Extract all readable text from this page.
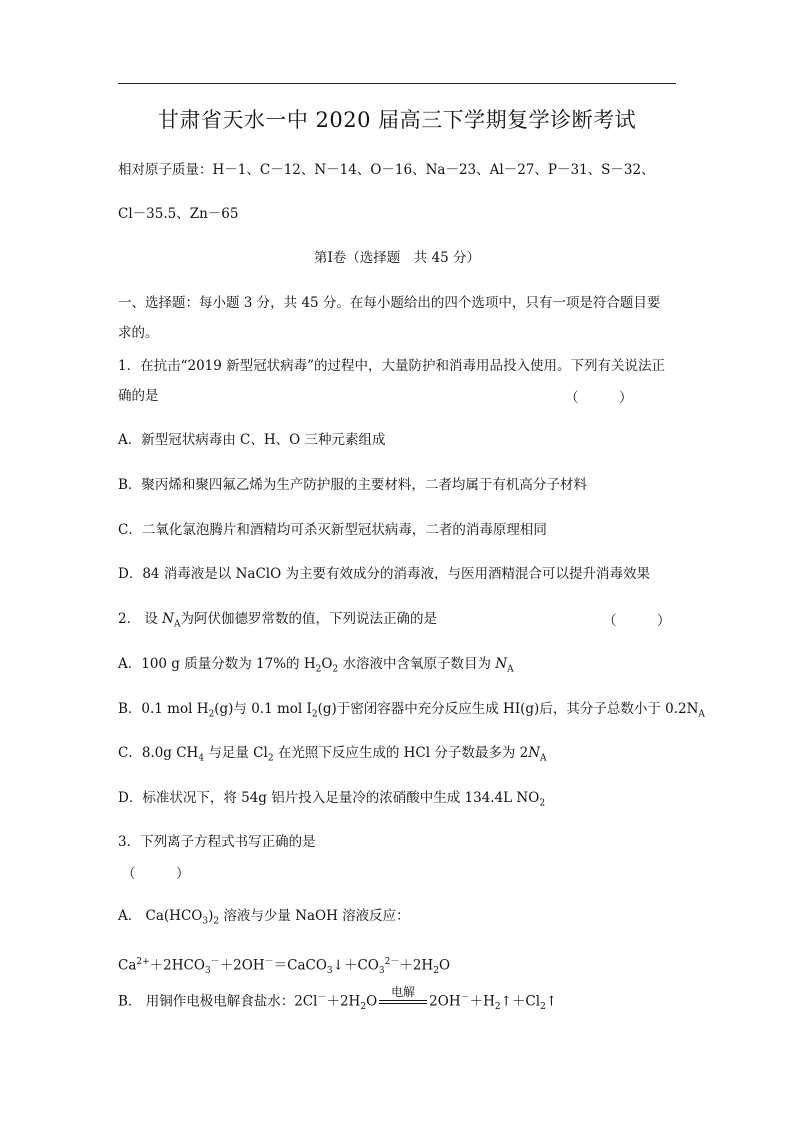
甘肃省天水一中 2020 届高三下学期复学诊断考试
相对原子质量：H－1、C－12、N－14、O－16、Na－23、Al－27、P－31、S－32、
Cl－35.5、Zn－65
第Ⅰ卷（选择题　共 45 分）
一、选择题：每小题 3 分，共 45 分。在每小题给出的四个选项中，只有一项是符合题目要
求的。
1．在抗击“2019 新型冠状病毒”的过程中，大量防护和消毒用品投入使用。下列有关说法正
确的是	（　　　）
A．新型冠状病毒由 C、H、O 三种元素组成
B．聚丙烯和聚四氟乙烯为生产防护服的主要材料，二者均属于有机高分子材料
C．二氧化氯泡腾片和酒精均可杀灭新型冠状病毒，二者的消毒原理相同
D．84 消毒液是以 NaClO 为主要有效成分的消毒液，与医用酒精混合可以提升消毒效果
2． 设 $N_A$为阿伏伽德罗常数的值，下列说法正确的是	（　　　）
A．100 g 质量分数为 17%的 $H_2O_2$ 水溶液中含氧原子数目为 $N_A$
B．0.1 mol $H_2(g)$与 0.1 mol $I_2(g)$于密闭容器中充分反应生成 HI(g)后，其分子总数小于 $0.2N_A$
C．8.0g $CH_4$ 与足量 $Cl_2$ 在光照下反应生成的 HCl 分子数最多为 $2N_A$
D．标准状况下，将 54g 铝片投入足量冷的浓硝酸中生成 134.4L $NO_2$
3．下列离子方程式书写正确的是
（　　　）
A． $Ca(HCO_3)_2$ 溶液与少量 NaOH 溶液反应：
$Ca^{2+}+2HCO_3^-+2OH^-=CaCO_3↓+CO_3^{2-}+2H_2O$
B． 用铜作电极电解食盐水：$2Cl^-+2H_2O$
电解
$2OH^-+H_2↑+Cl_2↑$
